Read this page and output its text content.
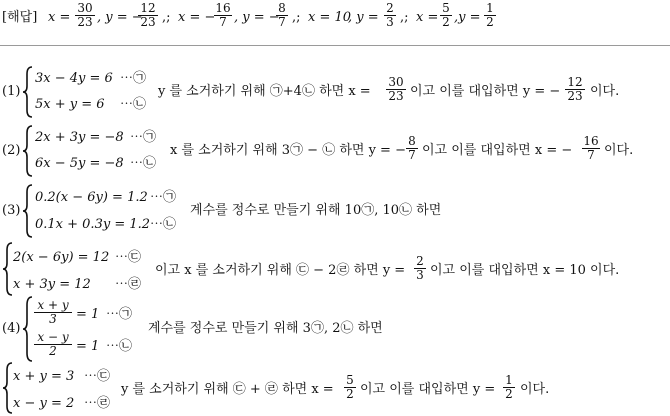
[해답] $x = \frac{30}{23}$ , y = −
$\frac{12}{23}$ ,; x = −
$\frac{16}{7}$ , y = −
$\frac{8}{7}$ ,; x = 10
, $y = \frac{2}{3}$ ,; $x = \frac{5}{2} ,y = \frac{1}{2}$
(1)
3x − 4y = 6 ⋯㉠
5x + y = 6 ⋯㉡
y 를 소거하기 위해 ㉠+4㉡ 하면 $x = \frac{30}{23}$ 이고 이를 대입하면 y = − $\frac{12}{23}$ 이다.
(2)
2x + 3y = −8 ⋯㉠
6x − 5y = −8 ⋯㉡
x 를 소거하기 위해 3㉠ − ㉡ 하면 y = − $\frac{8}{7}$ 이고 이를 대입하면 x = − $\frac{16}{7}$ 이다.
(3)
0.2(x − 6y) = 1.2 ⋯㉠
0.1x + 0.3y = 1.2 ⋯㉡
계수를 정수로 만들기 위해 10㉠, 10㉡ 하면
2(x − 6y) = 12 ⋯㉢
x + 3y = 12 ⋯㉣
이고 x 를 소거하기 위해 ㉢ − 2㉣ 하면 $y = \frac{2}{3}$ 이고 이를 대입하면 x = 10 이다.
(4)
$\frac{x + y}{3} = 1$ ⋯㉠
$\frac{x - y}{2} = 1$ ⋯㉡
계수를 정수로 만들기 위해 3㉠, 2㉡ 하면
x + y = 3 ⋯㉢
x − y = 2 ⋯㉣
y 를 소거하기 위해 ㉢ + ㉣ 하면 $x = \frac{5}{2}$ 이고 이를 대입하면 $y = \frac{1}{2}$ 이다.
